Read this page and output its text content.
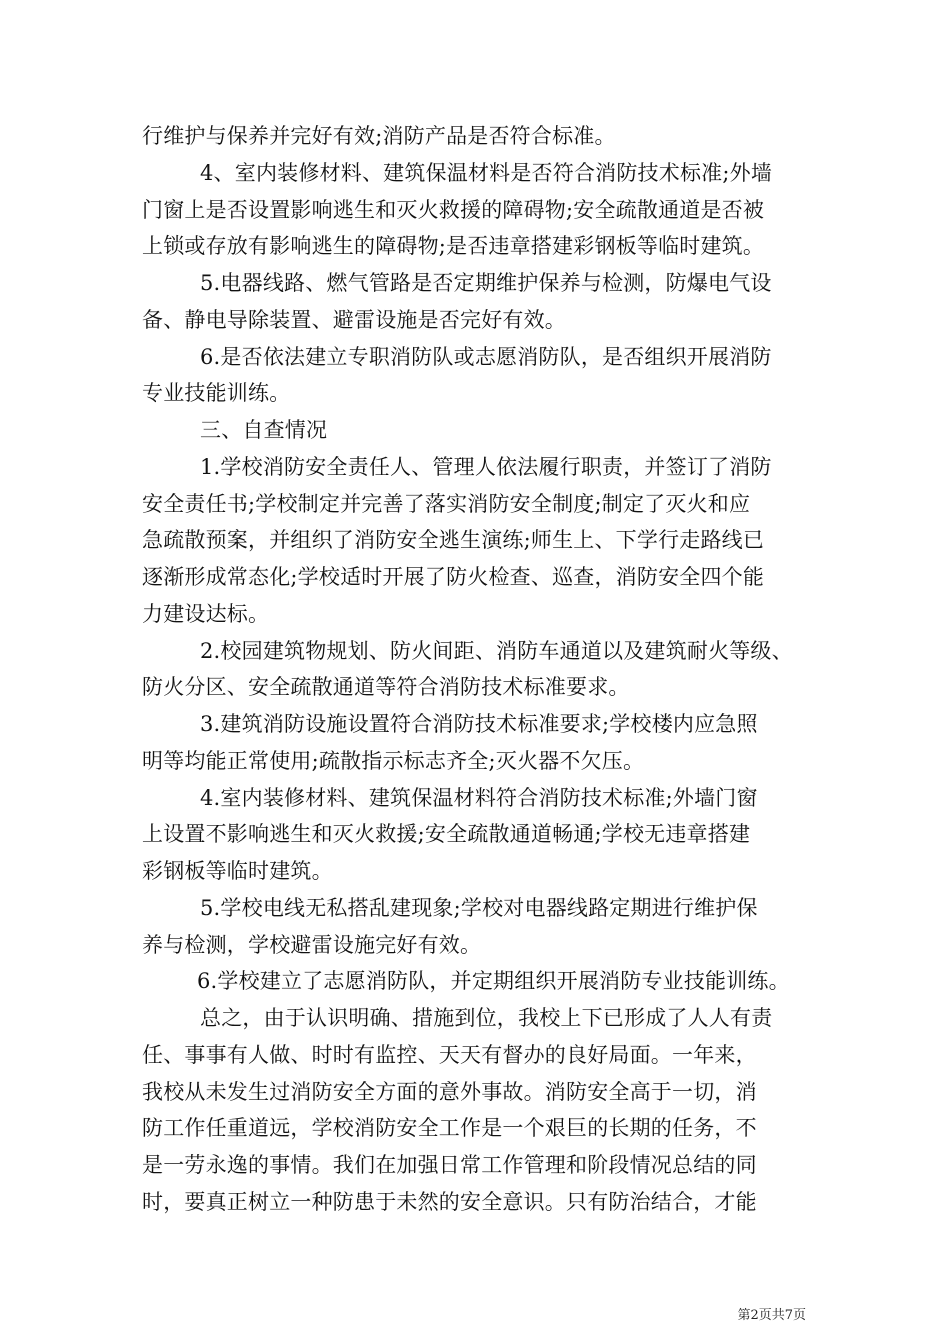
行维护与保养并完好有效;消防产品是否符合标准。
4、室内装修材料、建筑保温材料是否符合消防技术标准;外墙
门窗上是否设置影响逃生和灭火救援的障碍物;安全疏散通道是否被
上锁或存放有影响逃生的障碍物;是否违章搭建彩钢板等临时建筑。
5.电器线路、燃气管路是否定期维护保养与检测，防爆电气设
备、静电导除装置、避雷设施是否完好有效。
6.是否依法建立专职消防队或志愿消防队，是否组织开展消防
专业技能训练。
三、自查情况
1.学校消防安全责任人、管理人依法履行职责，并签订了消防
安全责任书;学校制定并完善了落实消防安全制度;制定了灭火和应
急疏散预案，并组织了消防安全逃生演练;师生上、下学行走路线已
逐渐形成常态化;学校适时开展了防火检查、巡查，消防安全四个能
力建设达标。
2.校园建筑物规划、防火间距、消防车通道以及建筑耐火等级、
防火分区、安全疏散通道等符合消防技术标准要求。
3.建筑消防设施设置符合消防技术标准要求;学校楼内应急照
明等均能正常使用;疏散指示标志齐全;灭火器不欠压。
4.室内装修材料、建筑保温材料符合消防技术标准;外墙门窗
上设置不影响逃生和灭火救援;安全疏散通道畅通;学校无违章搭建
彩钢板等临时建筑。
5.学校电线无私搭乱建现象;学校对电器线路定期进行维护保
养与检测，学校避雷设施完好有效。
6.学校建立了志愿消防队，并定期组织开展消防专业技能训练。
总之，由于认识明确、措施到位，我校上下已形成了人人有责
任、事事有人做、时时有监控、天天有督办的良好局面。一年来，
我校从未发生过消防安全方面的意外事故。消防安全高于一切，消
防工作任重道远，学校消防安全工作是一个艰巨的长期的任务，不
是一劳永逸的事情。我们在加强日常工作管理和阶段情况总结的同
时，要真正树立一种防患于未然的安全意识。只有防治结合，才能
第2页共7页
